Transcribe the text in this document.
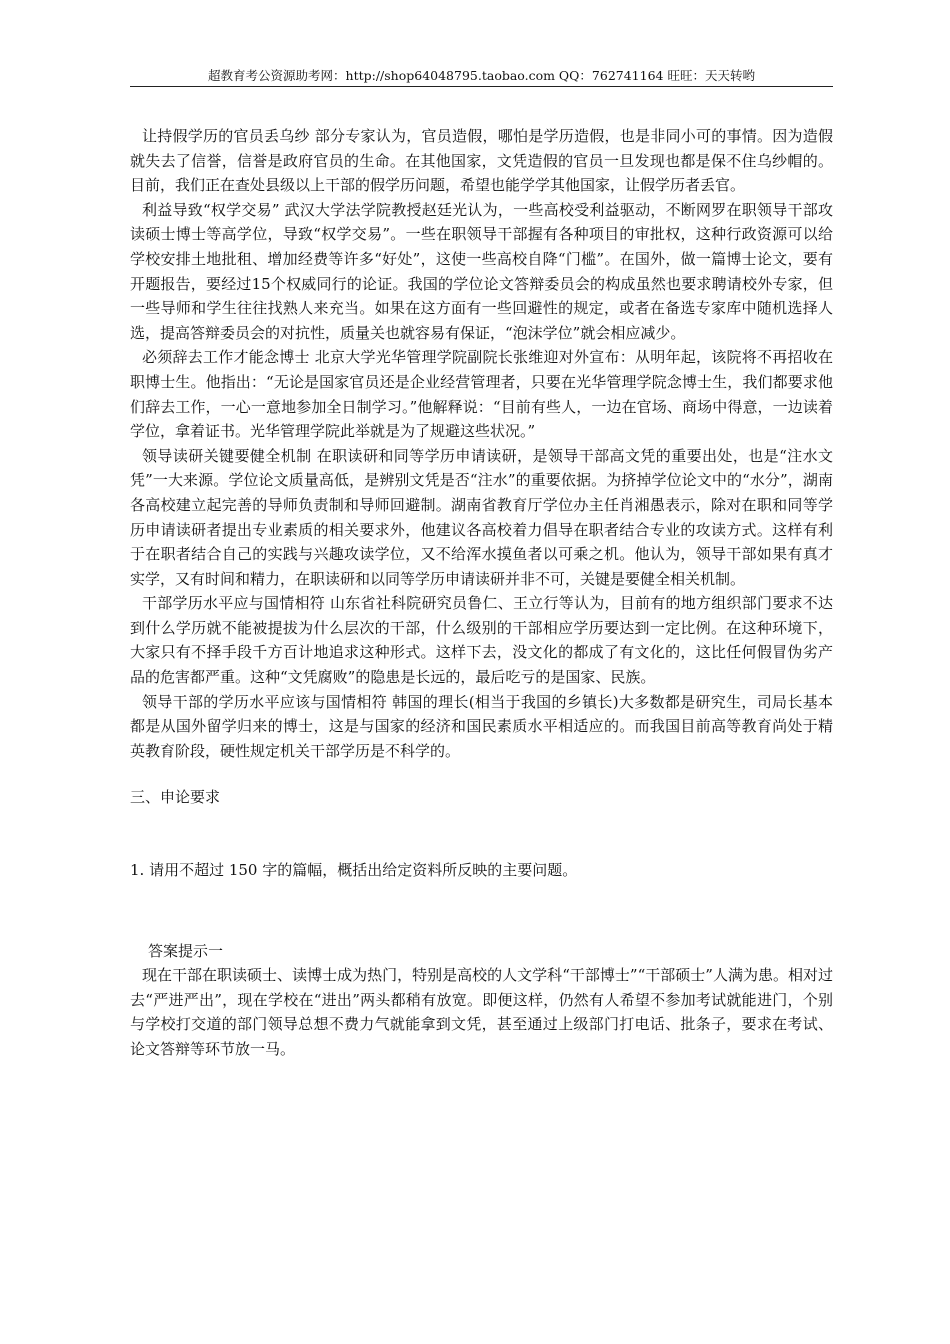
超教育考公资源助考网：http://shop64048795.taobao.com QQ：762741164 旺旺：天天转哟

让持假学历的官员丢乌纱 部分专家认为，官员造假，哪怕是学历造假，也是非同小可的事情。因为造假就失去了信誉，信誉是政府官员的生命。在其他国家，文凭造假的官员一旦发现也都是保不住乌纱帽的。目前，我们正在查处县级以上干部的假学历问题，希望也能学学其他国家，让假学历者丢官。

利益导致“权学交易” 武汉大学法学院教授赵廷光认为，一些高校受利益驱动，不断网罗在职领导干部攻读硕士博士等高学位，导致“权学交易”。一些在职领导干部握有各种项目的审批权，这种行政资源可以给学校安排土地批租、增加经费等许多“好处”，这使一些高校自降“门槛”。在国外，做一篇博士论文，要有开题报告，要经过15个权威同行的论证。我国的学位论文答辩委员会的构成虽然也要求聘请校外专家，但一些导师和学生往往找熟人来充当。如果在这方面有一些回避性的规定，或者在备选专家库中随机选择人选，提高答辩委员会的对抗性，质量关也就容易有保证，“泡沫学位”就会相应减少。

必须辞去工作才能念博士 北京大学光华管理学院副院长张维迎对外宣布：从明年起，该院将不再招收在职博士生。他指出：“无论是国家官员还是企业经营管理者，只要在光华管理学院念博士生，我们都要求他们辞去工作，一心一意地参加全日制学习。”他解释说：“目前有些人，一边在官场、商场中得意，一边读着学位，拿着证书。光华管理学院此举就是为了规避这些状况。”

领导读研关键要健全机制 在职读研和同等学历申请读研，是领导干部高文凭的重要出处，也是“注水文凭”一大来源。学位论文质量高低，是辨别文凭是否“注水”的重要依据。为挤掉学位论文中的“水分”，湖南各高校建立起完善的导师负责制和导师回避制。湖南省教育厅学位办主任肖湘愚表示，除对在职和同等学历申请读研者提出专业素质的相关要求外，他建议各高校着力倡导在职者结合专业的攻读方式。这样有利于在职者结合自己的实践与兴趣攻读学位，又不给浑水摸鱼者以可乘之机。他认为，领导干部如果有真才实学，又有时间和精力，在职读研和以同等学历申请读研并非不可，关键是要健全相关机制。

干部学历水平应与国情相符 山东省社科院研究员鲁仁、王立行等认为，目前有的地方组织部门要求不达到什么学历就不能被提拔为什么层次的干部，什么级别的干部相应学历要达到一定比例。在这种环境下，大家只有不择手段千方百计地追求这种形式。这样下去，没文化的都成了有文化的，这比任何假冒伪劣产品的危害都严重。这种“文凭腐败”的隐患是长远的，最后吃亏的是国家、民族。

领导干部的学历水平应该与国情相符 韩国的理长(相当于我国的乡镇长)大多数都是研究生，司局长基本都是从国外留学归来的博士，这是与国家的经济和国民素质水平相适应的。而我国目前高等教育尚处于精英教育阶段，硬性规定机关干部学历是不科学的。

三、申论要求

1. 请用不超过 150 字的篇幅，概括出给定资料所反映的主要问题。

答案提示一

现在干部在职读硕士、读博士成为热门，特别是高校的人文学科“干部博士”“干部硕士”人满为患。相对过去“严进严出”，现在学校在“进出”两头都稍有放宽。即便这样，仍然有人希望不参加考试就能进门，个别与学校打交道的部门领导总想不费力气就能拿到文凭，甚至通过上级部门打电话、批条子，要求在考试、论文答辩等环节放一马。
